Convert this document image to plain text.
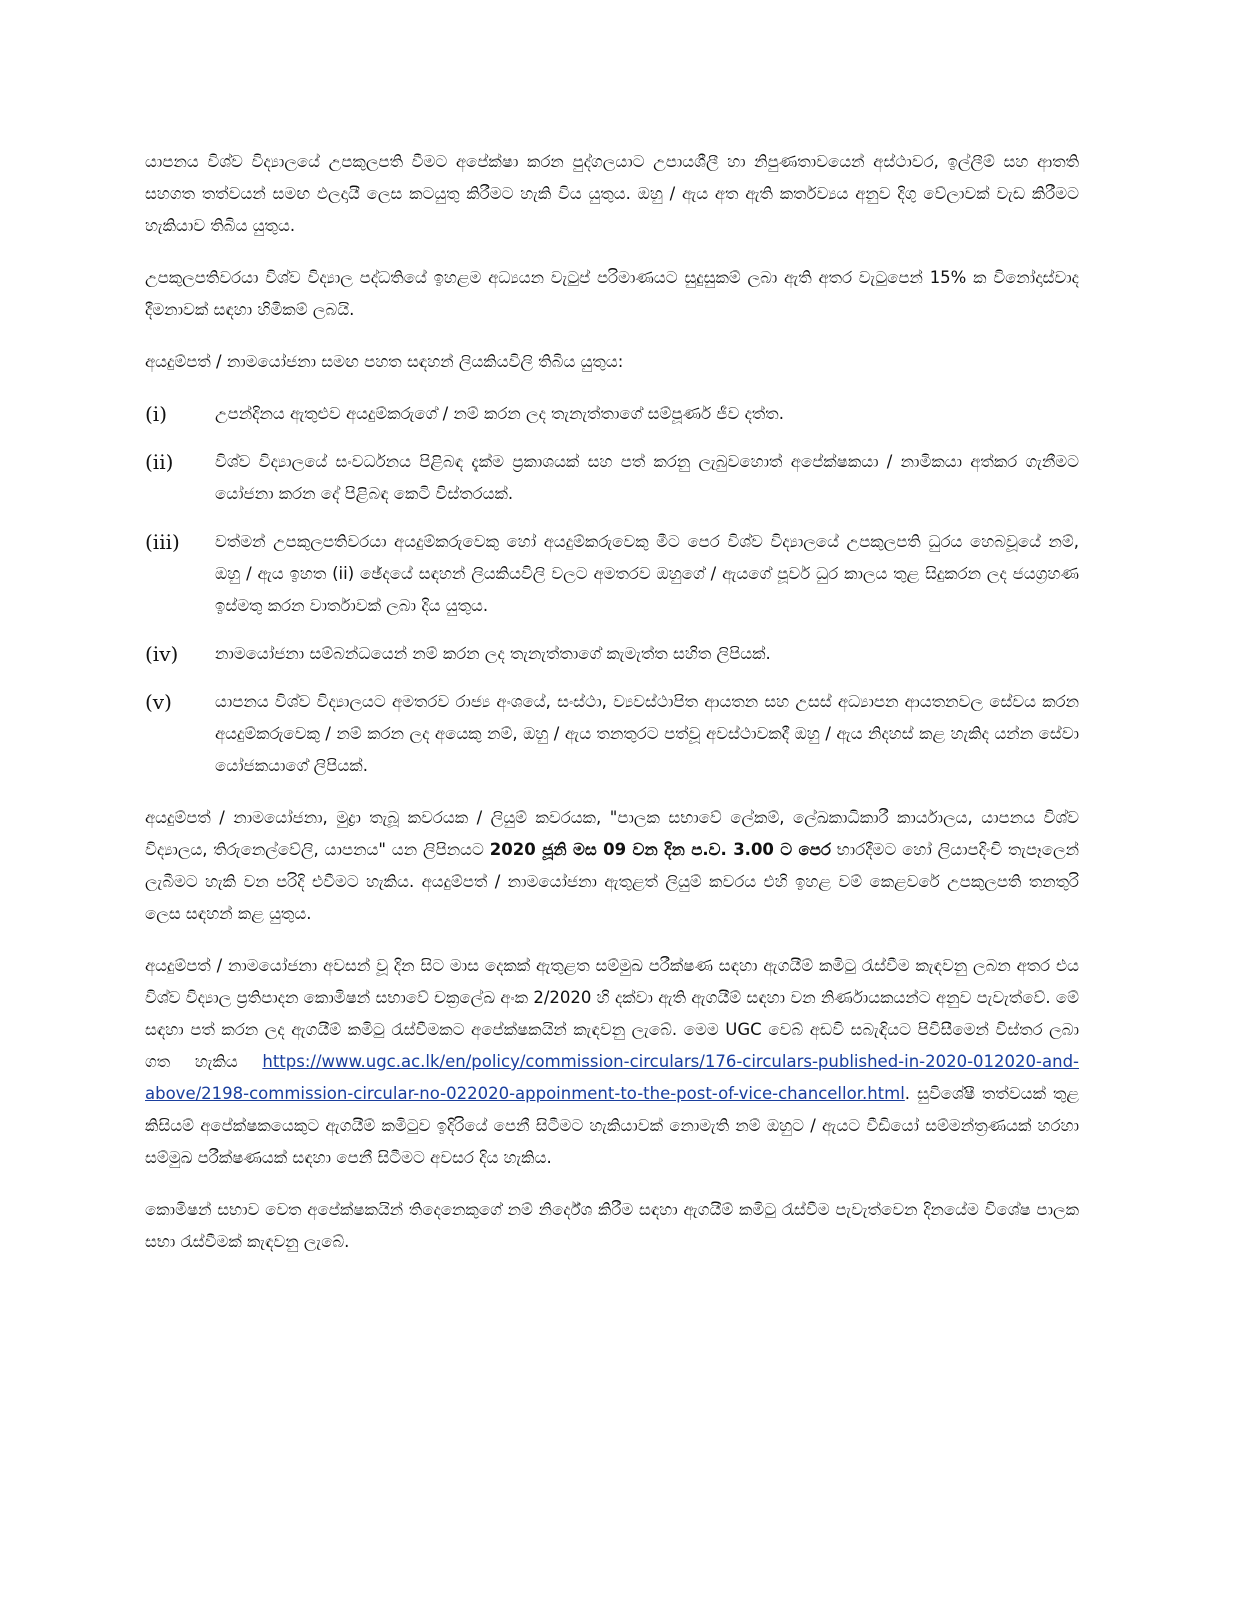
යාපනය විශ්ව විද්‍යාලයේ උපකුලපති වීමට අපේක්ෂා කරන පුද්ගලයාට උපායශීලී හා නිපුණතාවයෙන් අස්ථාවර, ඉල්ලීම් සහ ආතති සහගත තත්වයන් සමඟ ඵලදායී ලෙස කටයුතු කිරීමට හැකි විය යුතුය. ඔහු / ඇය අත ඇති කර්තව්‍යය අනුව දිගු වේලාවක් වැඩ කිරීමට හැකියාව තිබිය යුතුය.

උපකුලපතිවරයා විශ්ව විද්‍යාල පද්ධතියේ ඉහළම අධ්‍යයන වැටුප් පරිමාණයට සුදුසුකම් ලබා ඇති අතර වැටුපෙන් 15% ක විනෝදාස්වාද දීමනාවක් සඳහා හිමිකම් ලබයි.

අයදුම්පත් / නාමයෝජනා සමඟ පහත සඳහන් ලියකියවිලි තිබිය යුතුය:

(i)	උපන්දිනය ඇතුළුව අයදුම්කරුගේ / නම් කරන ලද තැනැත්තාගේ සම්පූර්ණ ජීව දත්ත.
(ii)	විශ්ව විද්‍යාලයේ සංවර්ධනය පිළිබඳ දැක්ම ප්‍රකාශයක් සහ පත් කරනු ලැබුවහොත් අපේක්ෂකයා / නාමිකයා අත්කර ගැනීමට යෝජනා කරන දේ පිළිබඳ කෙටි විස්තරයක්.
(iii)	වත්මන් උපකුලපතිවරයා අයදුම්කරුවෙකු හෝ අයදුම්කරුවෙකු මීට පෙර විශ්ව විද්‍යාලයේ උපකුලපති ධුරය හෙබවූයේ නම්, ඔහු / ඇය ඉහත (ii) ඡේදයේ සඳහන් ලියකියවිලි වලට අමතරව ඔහුගේ / ඇයගේ පූර්ව ධුර කාලය තුළ සිදුකරන ලද ජයග්‍රහණ ඉස්මතු කරන වාර්තාවක් ලබා දිය යුතුය.
(iv)	නාමයෝජනා සම්බන්ධයෙන් නම් කරන ලද තැනැත්තාගේ කැමැත්ත සහිත ලිපියක්.
(v)	යාපනය විශ්ව විද්‍යාලයට අමතරව රාජ්‍ය අංශයේ, සංස්ථා, ව්‍යවස්ථාපිත ආයතන සහ උසස් අධ්‍යාපන ආයතනවල සේවය කරන අයදුම්කරුවෙකු / නම් කරන ලද අයෙකු නම්, ඔහු / ඇය තනතුරට පත්වූ අවස්ථාවකදී ඔහු / ඇය නිදහස් කළ හැකිද යන්න සේවා යෝජකයාගේ ලිපියක්.

අයදුම්පත් / නාමයෝජනා, මුද්‍රා තැබූ කවරයක / ලියුම් කවරයක, "පාලක සභාවේ ලේකම්, ලේඛකාධිකාරී කාර්යාලය, යාපනය විශ්ව විද්‍යාලය, තිරුනෙල්වේලි, යාපනය" යන ලිපිනයට 2020 ජූනි මස 09 වන දින ප.ව. 3.00 ට පෙර භාරදීමට හෝ ලියාපදිංචි තැපෑලෙන් ලැබීමට හැකි වන පරිදි එවීමට හැකිය. අයදුම්පත් / නාමයෝජනා ඇතුළත් ලියුම් කවරය එහි ඉහළ වම් කෙළවරේ උපකුලපති තනතුරි ලෙස සඳහන් කළ යුතුය.

අයදුම්පත් / නාමයෝජනා අවසන් වූ දින සිට මාස දෙකක් ඇතුළත සම්මුඛ පරීක්ෂණ සඳහා ඇගයීම් කමිටු රැස්වීම කැඳවනු ලබන අතර එය විශ්ව විද්‍යාල ප්‍රතිපාදන කොමිෂන් සභාවේ චක්‍රලේඛ අංක 2/2020 හි දක්වා ඇති ඇගයීම් සඳහා වන නිර්ණායකයන්ට අනුව පැවැත්වේ. මේ සඳහා පත් කරන ලද ඇගයීම් කමිටු රැස්වීමකට අපේක්ෂකයින් කැඳවනු ලැබේ. මෙම UGC වෙබ් අඩවි සබැඳියට පිවිසීමෙන් විස්තර ලබා ගත හැකිය https://www.ugc.ac.lk/en/policy/commission-circulars/176-circulars-published-in-2020-012020-and-above/2198-commission-circular-no-022020-appoinment-to-the-post-of-vice-chancellor.html. සුවිශේෂී තත්වයක් තුළ කිසියම් අපේක්ෂකයෙකුට ඇගයීම් කමිටුව ඉදිරියේ පෙනී සිටීමට හැකියාවක් නොමැති නම් ඔහුට / ඇයට වීඩියෝ සම්මන්ත්‍රණයක් හරහා සම්මුඛ පරීක්ෂණයක් සඳහා පෙනී සිටීමට අවසර දිය හැකිය.

කොමිෂන් සභාව වෙත අපේක්ෂකයින් තිදෙනෙකුගේ නම් නිර්දේශ කිරීම සඳහා ඇගයීම් කමිටු රැස්වීම පැවැත්වෙන දිනයේම විශේෂ පාලක සභා රැස්වීමක් කැඳවනු ලැබේ.
